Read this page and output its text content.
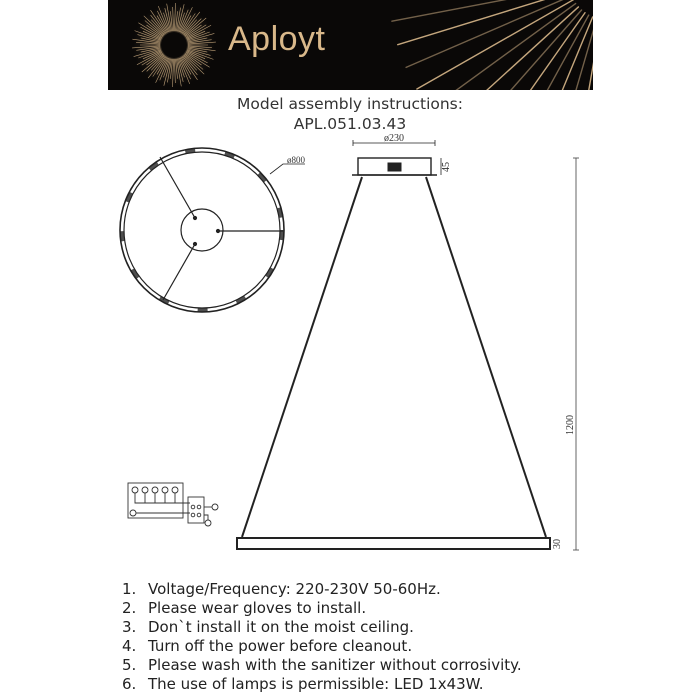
Aployt
Model assembly instructions:
APL.051.03.43
ø800
ø230
45
1200
30
1. Voltage/Frequency: 220-230V 50-60Hz.
2. Please wear gloves to install.
3. Don`t install it on the moist ceiling.
4. Turn off the power before cleanout.
5. Please wash with the sanitizer without corrosivity.
6. The use of lamps is permissible: LED 1x43W.
